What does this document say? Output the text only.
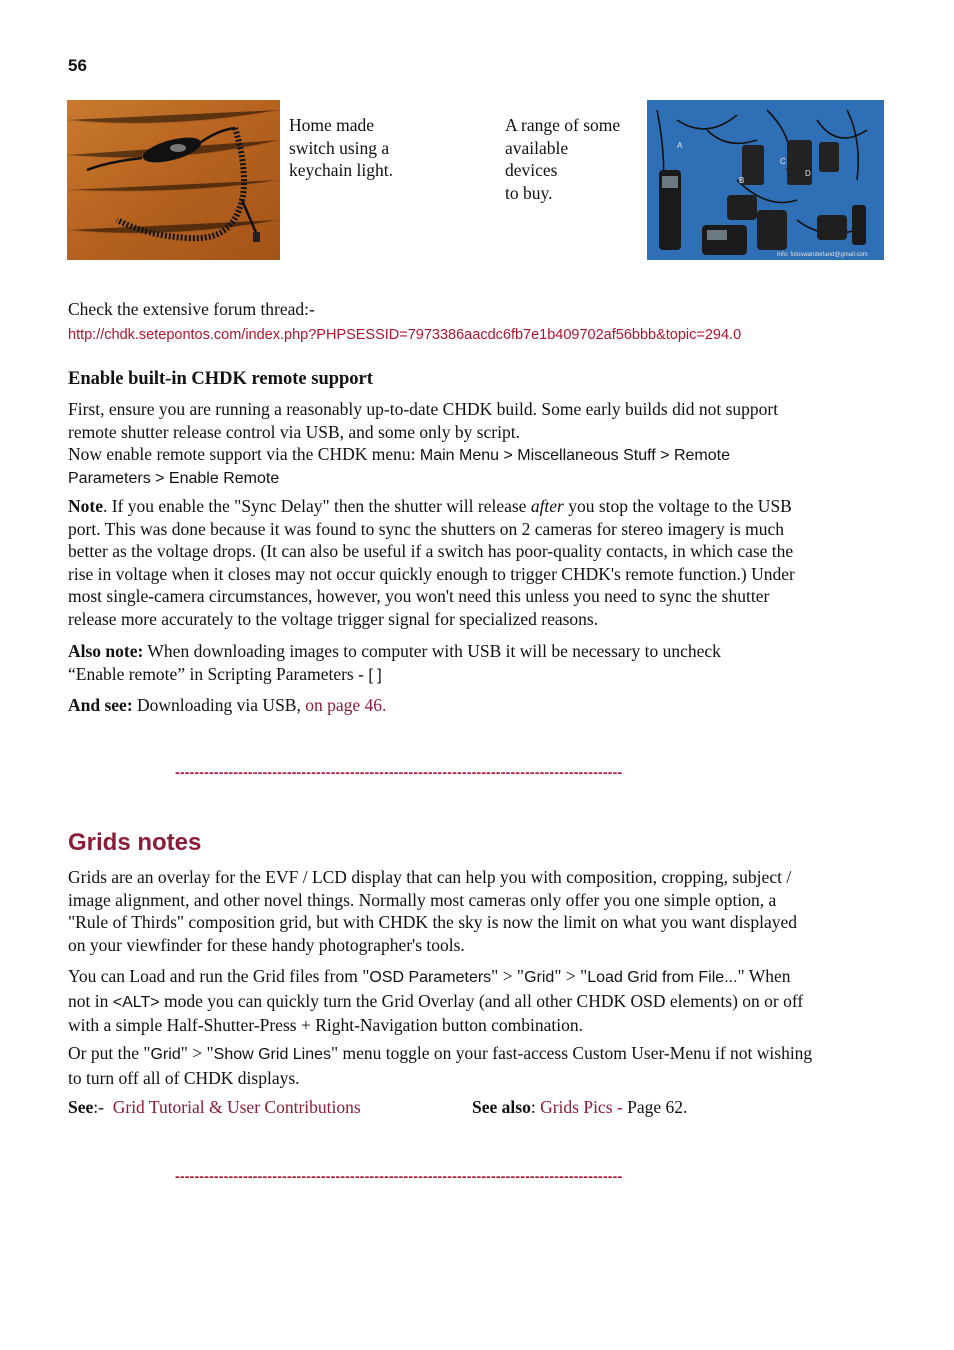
56
Home made
switch using a
keychain light.
A range of some
available
devices
to buy.
A
B
C
D
Info: fotoswanderland@gmail.com
Check the extensive forum thread:-
http://chdk.setepontos.com/index.php?PHPSESSID=7973386aacdc6fb7e1b409702af56bbb&topic=294.0
Enable built-in CHDK remote support
First, ensure you are running a reasonably up-to-date CHDK build. Some early builds did not support
remote shutter release control via USB, and some only by script.
Now enable remote support via the CHDK menu: Main Menu > Miscellaneous Stuff > Remote
Parameters > Enable Remote
Note. If you enable the "Sync Delay" then the shutter will release after you stop the voltage to the USB
port. This was done because it was found to sync the shutters on 2 cameras for stereo imagery is much
better as the voltage drops. (It can also be useful if a switch has poor-quality contacts, in which case the
rise in voltage when it closes may not occur quickly enough to trigger CHDK's remote function.) Under
most single-camera circumstances, however, you won't need this unless you need to sync the shutter
release more accurately to the voltage trigger signal for specialized reasons.
Also note: When downloading images to computer with USB it will be necessary to uncheck
“Enable remote” in Scripting Parameters - [ ]
And see: Downloading via USB, on page 46.
--------------------------------------------------------------------------------------------
Grids notes
Grids are an overlay for the EVF / LCD display that can help you with composition, cropping, subject /
image alignment, and other novel things. Normally most cameras only offer you one simple option, a
"Rule of Thirds" composition grid, but with CHDK the sky is now the limit on what you want displayed
on your viewfinder for these handy photographer's tools.
You can Load and run the Grid files from "OSD Parameters" > "Grid" > "Load Grid from File..." When
not in <ALT> mode you can quickly turn the Grid Overlay (and all other CHDK OSD elements) on or off
with a simple Half-Shutter-Press + Right-Navigation button combination.
Or put the "Grid" > "Show Grid Lines" menu toggle on your fast-access Custom User-Menu if not wishing
to turn off all of CHDK displays.
See:- Grid Tutorial & User Contributions	See also: Grids Pics - Page 62.
--------------------------------------------------------------------------------------------
